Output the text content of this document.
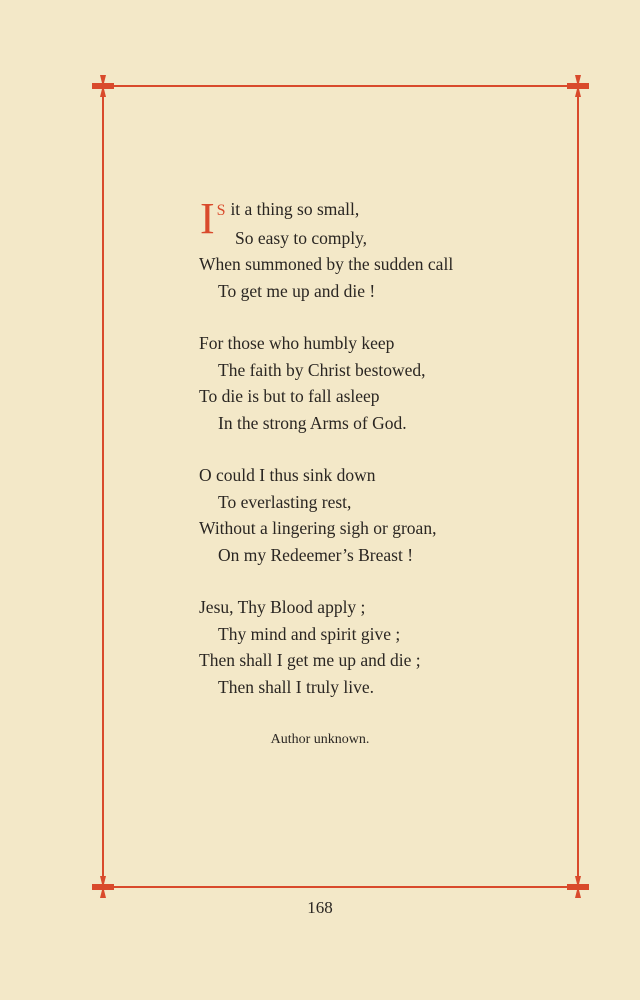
I S it a thing so small,
So easy to comply,
When summoned by the sudden call
To get me up and die !
For those who humbly keep
The faith by Christ bestowed,
To die is but to fall asleep
In the strong Arms of God.
O could I thus sink down
To everlasting rest,
Without a lingering sigh or groan,
On my Redeemer’s Breast !
Jesu, Thy Blood apply ;
Thy mind and spirit give ;
Then shall I get me up and die ;
Then shall I truly live.
Author unknown.
168
